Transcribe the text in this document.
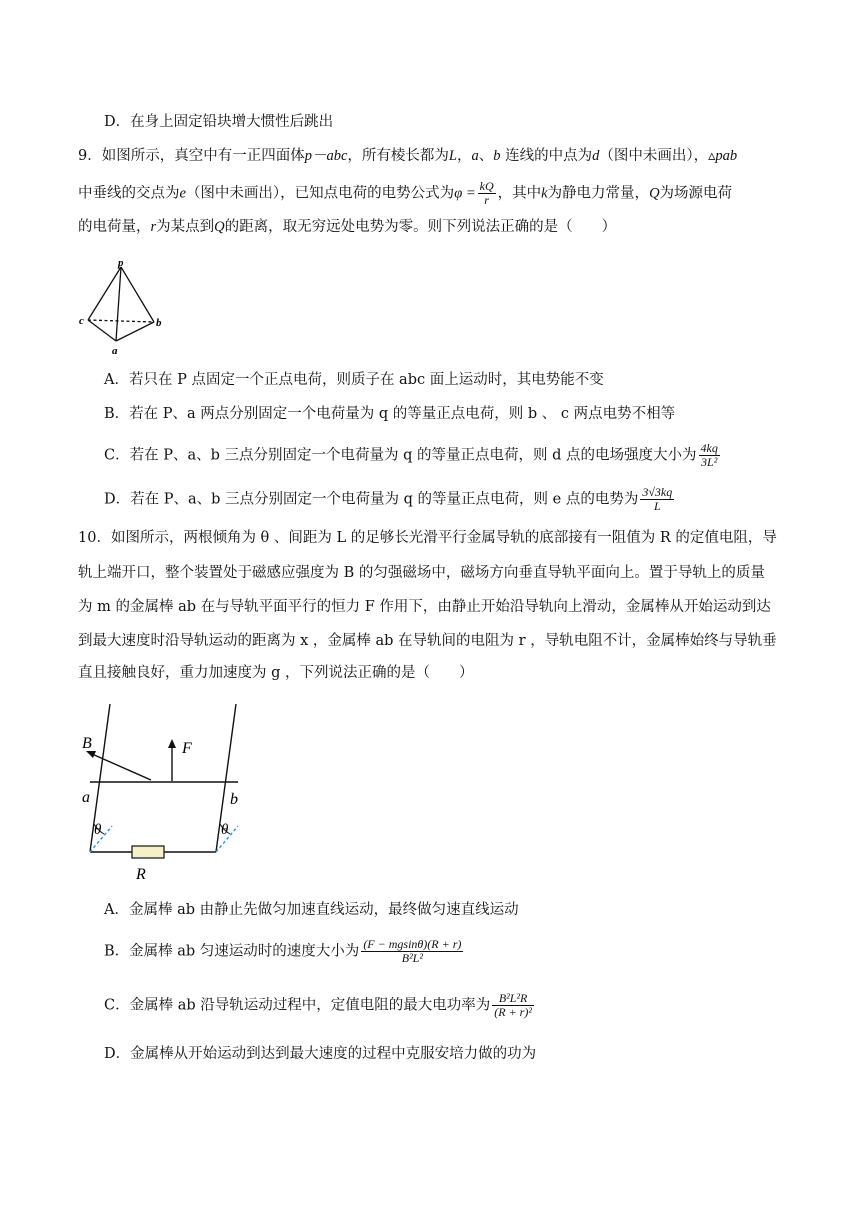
D．在身上固定铅块增大惯性后跳出
9．如图所示，真空中有一正四面体p－abc，所有棱长都为L，a、b 连线的中点为d（图中未画出），▵pab
中垂线的交点为e（图中未画出），已知点电荷的电势公式为$\varphi = \frac{kQ}{r}$ ，其中k为静电力常量，Q为场源电荷
的电荷量，r为某点到Q的距离，取无穷远处电势为零。则下列说法正确的是（　　）
p
c	b
a
A．若只在 P 点固定一个正点电荷，则质子在 abc 面上运动时，其电势能不变
B．若在 P、a 两点分别固定一个电荷量为 q 的等量正点电荷，则 b 、 c 两点电势不相等
C．若在 P、a、b 三点分别固定一个电荷量为 q 的等量正点电荷，则 d 点的电场强度大小为 $\frac{4kq}{\text{3L²}}$
D．若在 P、a、b 三点分别固定一个电荷量为 q 的等量正点电荷，则 e 点的电势为 $\frac{3√3kq}{L}$
10．如图所示，两根倾角为 θ 、间距为 L 的足够长光滑平行金属导轨的底部接有一阻值为 R 的定值电阻，导
轨上端开口，整个装置处于磁感应强度为 B 的匀强磁场中，磁场方向垂直导轨平面向上。置于导轨上的质量
为 m 的金属棒 ab 在与导轨平面平行的恒力 F 作用下，由静止开始沿导轨向上滑动，金属棒从开始运动到达
到最大速度时沿导轨运动的距离为 x ，金属棒 ab 在导轨间的电阻为 r ，导轨电阻不计，金属棒始终与导轨垂
直且接触良好，重力加速度为 g ，下列说法正确的是（　　）
B	F
a	b
θ	θ
R
A．金属棒 ab 由静止先做匀加速直线运动，最终做匀速直线运动
B．金属棒 ab 匀速运动时的速度大小为 $\frac{(F - mgsin\theta)(R + r)}{\text{B²L²}}$
C．金属棒 ab 沿导轨运动过程中，定值电阻的最大电功率为 $\frac{\text{B²L²R}}{\text{(R + r)²}}$
D．金属棒从开始运动到达到最大速度的过程中克服安培力做的功为
